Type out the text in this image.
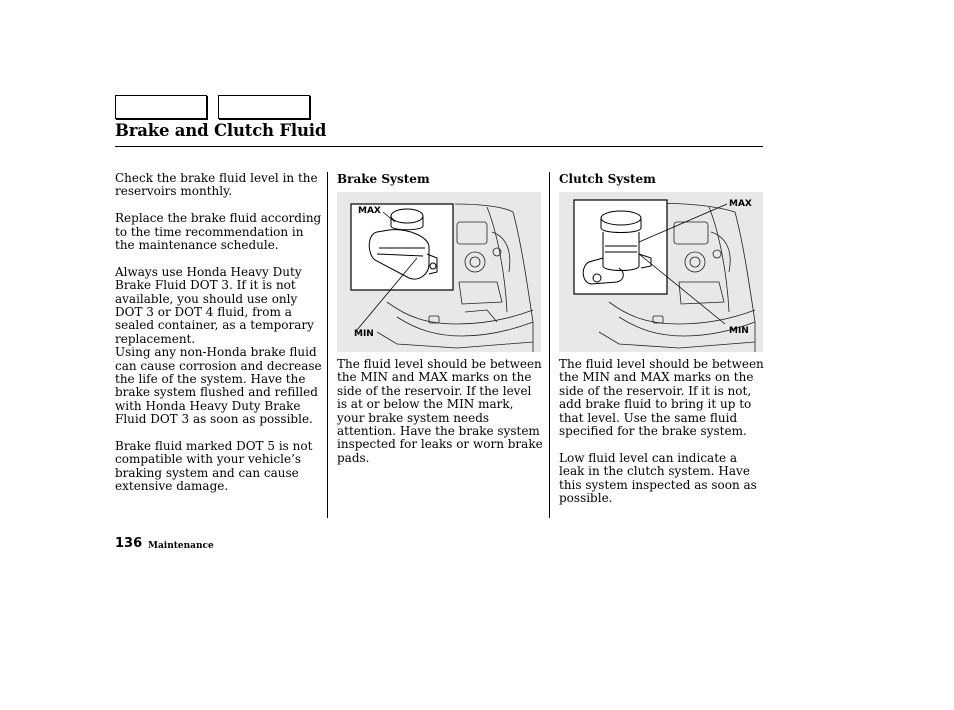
Brake and Clutch Fluid

Check the brake fluid level in the reservoirs monthly.

Replace the brake fluid according to the time recommendation in the maintenance schedule.

Always use Honda Heavy Duty Brake Fluid DOT 3. If it is not available, you should use only DOT 3 or DOT 4 fluid, from a sealed container, as a temporary replacement.

Using any non-Honda brake fluid can cause corrosion and decrease the life of the system. Have the brake system flushed and refilled with Honda Heavy Duty Brake Fluid DOT 3 as soon as possible.

Brake fluid marked DOT 5 is not compatible with your vehicle’s braking system and can cause extensive damage.

Brake System
MAX
MIN

The fluid level should be between the MIN and MAX marks on the side of the reservoir. If the level is at or below the MIN mark, your brake system needs attention. Have the brake system inspected for leaks or worn brake pads.

Clutch System
MAX
MIN

The fluid level should be between the MIN and MAX marks on the side of the reservoir. If it is not, add brake fluid to bring it up to that level. Use the same fluid specified for the brake system.

Low fluid level can indicate a leak in the clutch system. Have this system inspected as soon as possible.

136 Maintenance
